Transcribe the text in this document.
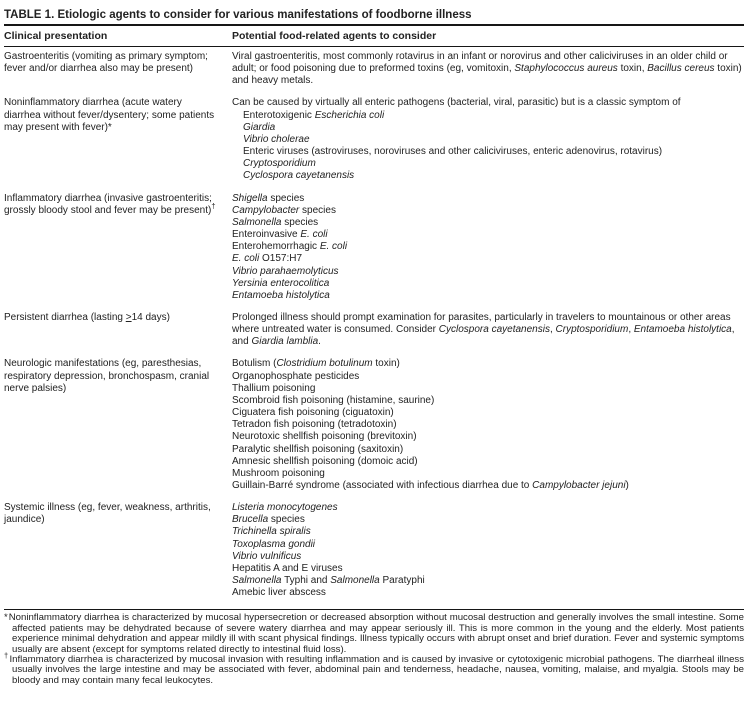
TABLE 1. Etiologic agents to consider for various manifestations of foodborne illness
Clinical presentation	Potential food-related agents to consider
Gastroenteritis (vomiting as primary symptom; fever and/or diarrhea also may be present)
Viral gastroenteritis, most commonly rotavirus in an infant or norovirus and other caliciviruses in an older child or adult; or food poisoning due to preformed toxins (eg, vomitoxin, Staphylococcus aureus toxin, Bacillus cereus toxin) and heavy metals.
Noninflammatory diarrhea (acute watery diarrhea without fever/dysentery; some patients may present with fever)*
Can be caused by virtually all enteric pathogens (bacterial, viral, parasitic) but is a classic symptom of
Enterotoxigenic Escherichia coli
Giardia
Vibrio cholerae
Enteric viruses (astroviruses, noroviruses and other caliciviruses, enteric adenovirus, rotavirus)
Cryptosporidium
Cyclospora cayetanensis
Inflammatory diarrhea (invasive gastroenteritis; grossly bloody stool and fever may be present)†
Shigella species
Campylobacter species
Salmonella species
Enteroinvasive E. coli
Enterohemorrhagic E. coli
E. coli O157:H7
Vibrio parahaemolyticus
Yersinia enterocolitica
Entamoeba histolytica
Persistent diarrhea (lasting >14 days)	Prolonged illness should prompt examination for parasites, particularly in travelers to mountainous or other areas where untreated water is consumed. Consider Cyclospora cayetanensis, Cryptosporidium, Entamoeba histolytica, and Giardia lamblia.
Neurologic manifestations (eg, paresthesias, respiratory depression, bronchospasm, cranial nerve palsies)
Botulism (Clostridium botulinum toxin)
Organophosphate pesticides
Thallium poisoning
Scombroid fish poisoning (histamine, saurine)
Ciguatera fish poisoning (ciguatoxin)
Tetradon fish poisoning (tetradotoxin)
Neurotoxic shellfish poisoning (brevitoxin)
Paralytic shellfish poisoning (saxitoxin)
Amnesic shellfish poisoning (domoic acid)
Mushroom poisoning
Guillain-Barré syndrome (associated with infectious diarrhea due to Campylobacter jejuni)
Systemic illness (eg, fever, weakness, arthritis, jaundice)
Listeria monocytogenes
Brucella species
Trichinella spiralis
Toxoplasma gondii
Vibrio vulnificus
Hepatitis A and E viruses
Salmonella Typhi and Salmonella Paratyphi
Amebic liver abscess
*Noninflammatory diarrhea is characterized by mucosal hypersecretion or decreased absorption without mucosal destruction and generally involves the small intestine. Some affected patients may be dehydrated because of severe watery diarrhea and may appear seriously ill. This is more common in the young and the elderly. Most patients experience minimal dehydration and appear mildly ill with scant physical findings. Illness typically occurs with abrupt onset and brief duration. Fever and systemic symptoms usually are absent (except for symptoms related directly to intestinal fluid loss).
†Inflammatory diarrhea is characterized by mucosal invasion with resulting inflammation and is caused by invasive or cytotoxigenic microbial pathogens. The diarrheal illness usually involves the large intestine and may be associated with fever, abdominal pain and tenderness, headache, nausea, vomiting, malaise, and myalgia. Stools may be bloody and may contain many fecal leukocytes.
